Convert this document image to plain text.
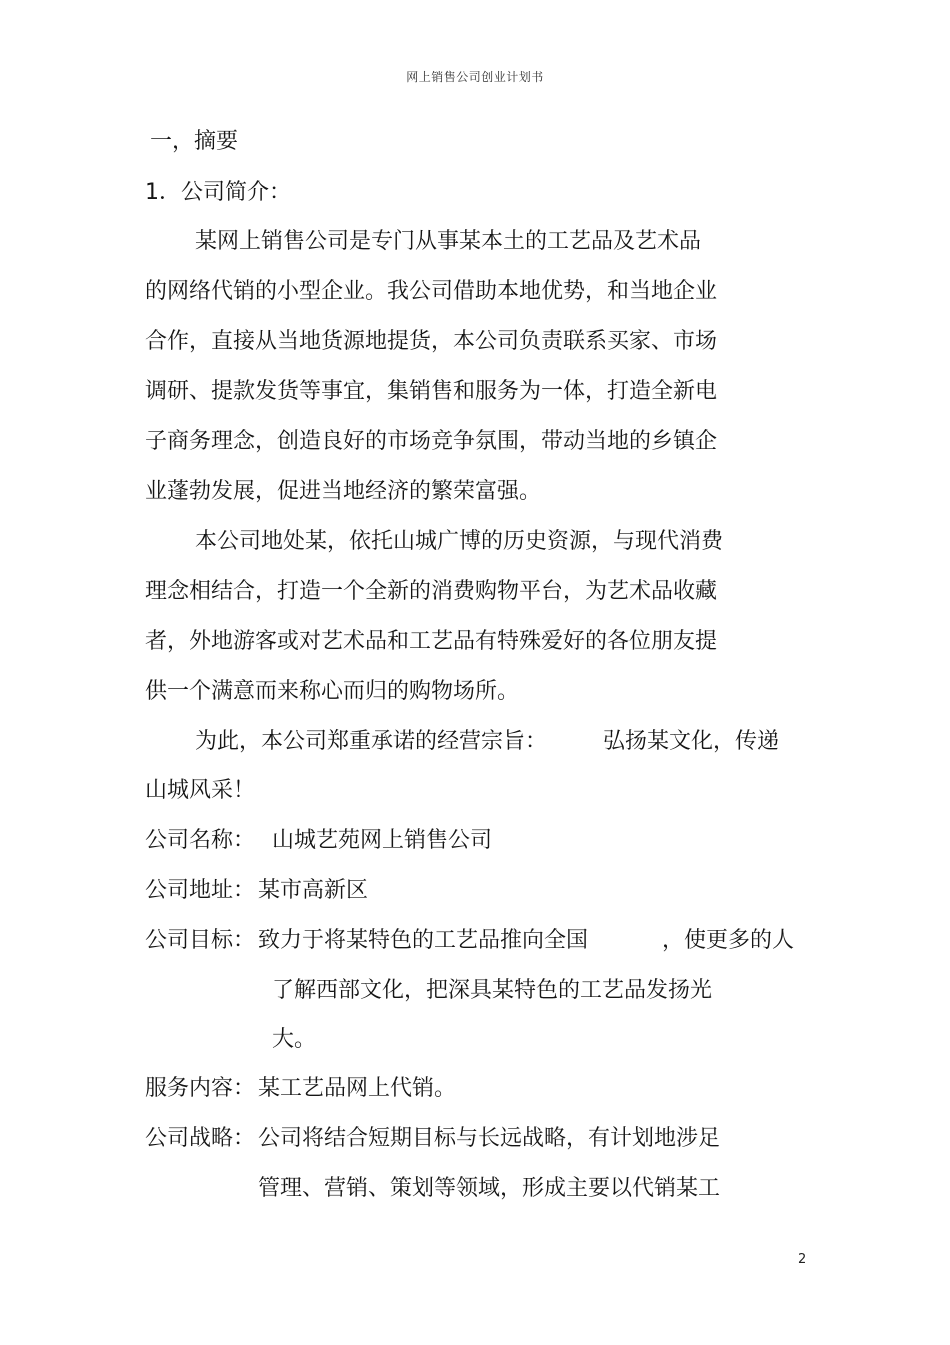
网上销售公司创业计划书
一，摘要
1．公司简介：
某网上销售公司是专门从事某本土的工艺品及艺术品
的网络代销的小型企业。我公司借助本地优势，和当地企业
合作，直接从当地货源地提货，本公司负责联系买家、市场
调研、提款发货等事宜，集销售和服务为一体，打造全新电
子商务理念，创造良好的市场竞争氛围，带动当地的乡镇企
业蓬勃发展，促进当地经济的繁荣富强。
本公司地处某，依托山城广博的历史资源，与现代消费
理念相结合，打造一个全新的消费购物平台，为艺术品收藏
者，外地游客或对艺术品和工艺品有特殊爱好的各位朋友提
供一个满意而来称心而归的购物场所。
为此，本公司郑重承诺的经营宗旨：	弘扬某文化，传递
山城风采！
公司名称： 山城艺苑网上销售公司
公司地址： 某市高新区
公司目标： 致力于将某特色的工艺品推向全国	，使更多的人
了解西部文化，把深具某特色的工艺品发扬光
大。
服务内容： 某工艺品网上代销。
公司战略： 公司将结合短期目标与长远战略，有计划地涉足
管理、营销、策划等领域，形成主要以代销某工
2
